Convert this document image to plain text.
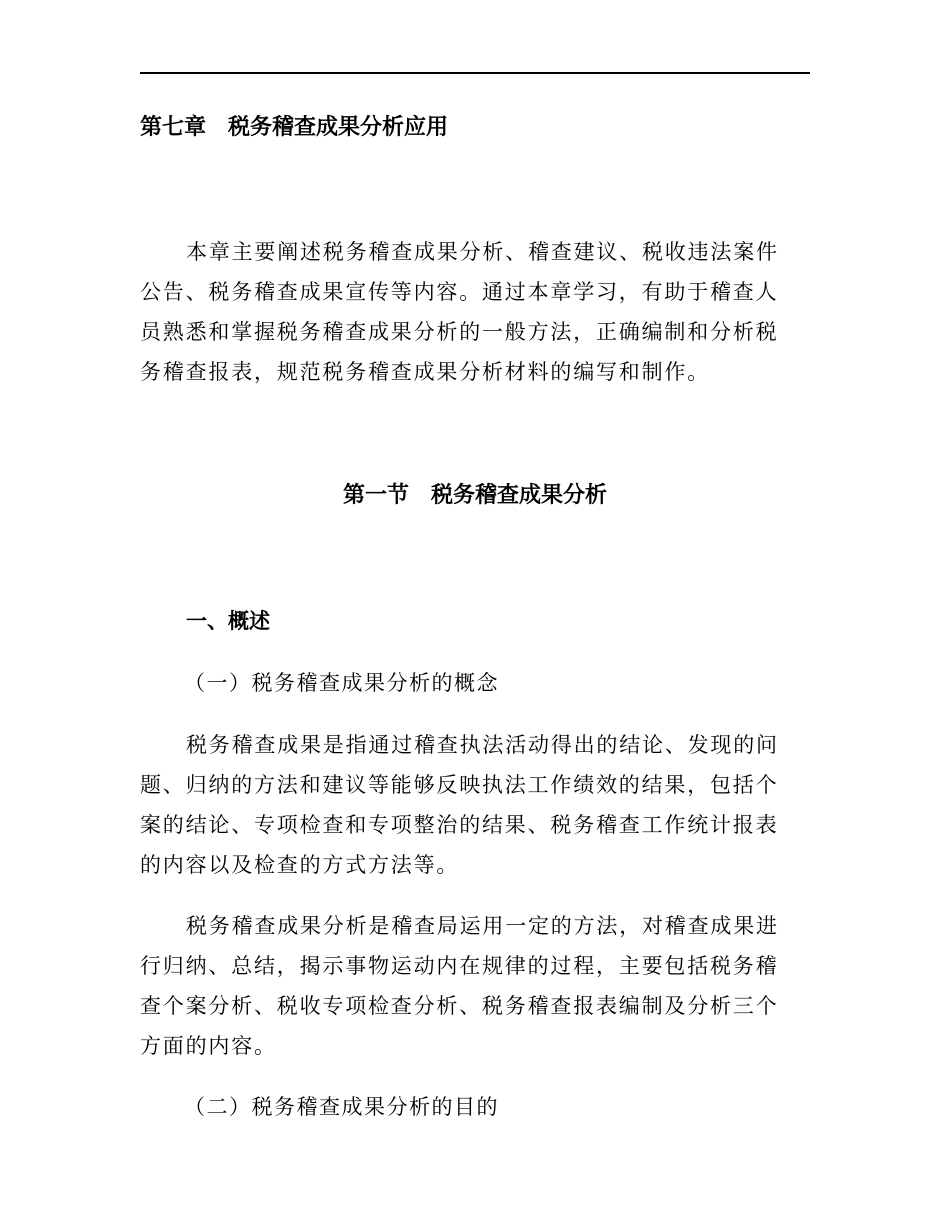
第七章　税务稽查成果分析应用

本章主要阐述税务稽查成果分析、稽查建议、税收违法案件公告、税务稽查成果宣传等内容。通过本章学习，有助于稽查人员熟悉和掌握税务稽查成果分析的一般方法，正确编制和分析税务稽查报表，规范税务稽查成果分析材料的编写和制作。

第一节　税务稽查成果分析
一、概述
（一）税务稽查成果分析的概念

税务稽查成果是指通过稽查执法活动得出的结论、发现的问题、归纳的方法和建议等能够反映执法工作绩效的结果，包括个案的结论、专项检查和专项整治的结果、税务稽查工作统计报表的内容以及检查的方式方法等。

税务稽查成果分析是稽查局运用一定的方法，对稽查成果进行归纳、总结，揭示事物运动内在规律的过程，主要包括税务稽查个案分析、税收专项检查分析、税务稽查报表编制及分析三个方面的内容。

（二）税务稽查成果分析的目的
